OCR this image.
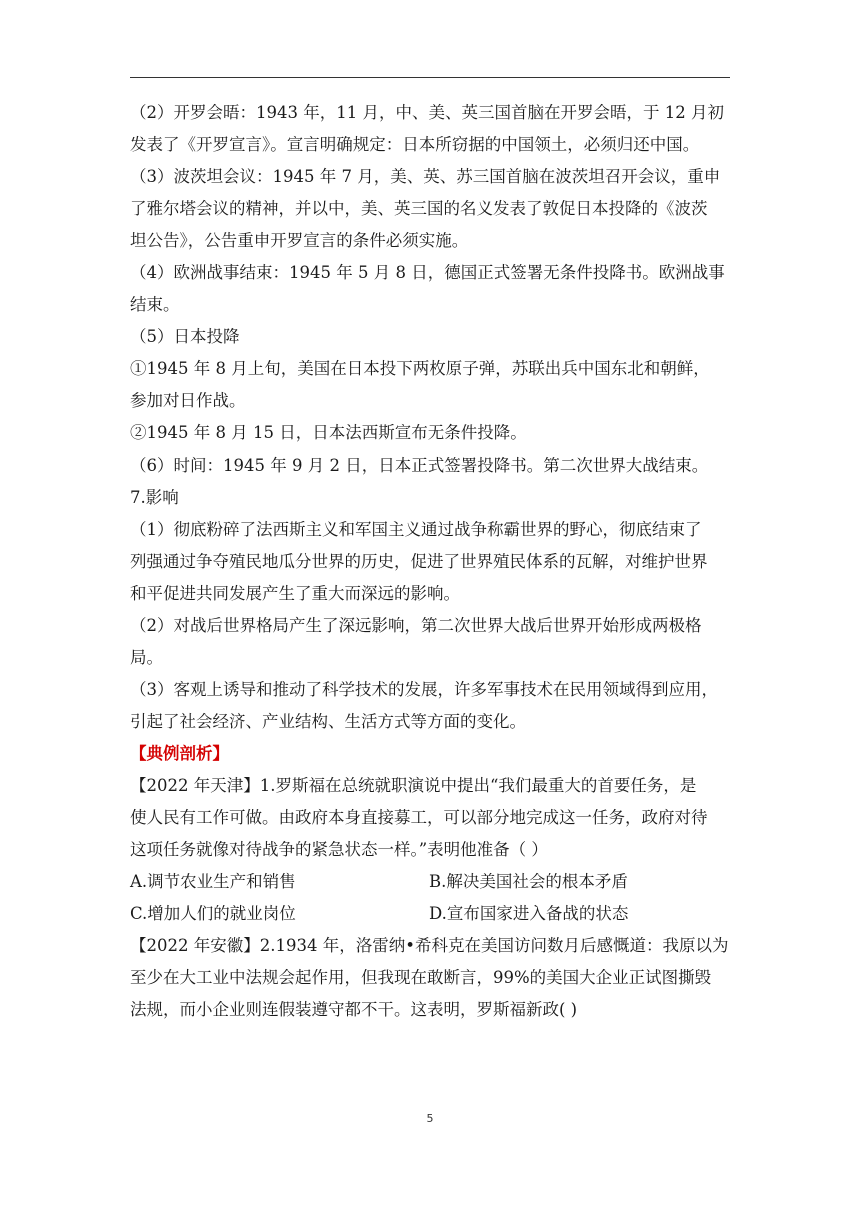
（2）开罗会晤：1943 年，11 月，中、美、英三国首脑在开罗会晤，于 12 月初
发表了《开罗宣言》。宣言明确规定：日本所窃据的中国领土，必须归还中国。
（3）波茨坦会议：1945 年 7 月，美、英、苏三国首脑在波茨坦召开会议，重申
了雅尔塔会议的精神，并以中，美、英三国的名义发表了敦促日本投降的《波茨
坦公告》，公告重申开罗宣言的条件必须实施。
（4）欧洲战事结束：1945 年 5 月 8 日，德国正式签署无条件投降书。欧洲战事
结束。
（5）日本投降
①1945 年 8 月上旬，美国在日本投下两枚原子弹，苏联出兵中国东北和朝鲜，
参加对日作战。
②1945 年 8 月 15 日，日本法西斯宣布无条件投降。
（6）时间：1945 年 9 月 2 日，日本正式签署投降书。第二次世界大战结束。
7.影响
（1）彻底粉碎了法西斯主义和军国主义通过战争称霸世界的野心，彻底结束了
列强通过争夺殖民地瓜分世界的历史，促进了世界殖民体系的瓦解，对维护世界
和平促进共同发展产生了重大而深远的影响。
（2）对战后世界格局产生了深远影响，第二次世界大战后世界开始形成两极格
局。
（3）客观上诱导和推动了科学技术的发展，许多军事技术在民用领域得到应用，
引起了社会经济、产业结构、生活方式等方面的变化。
【典例剖析】
【2022 年天津】1.罗斯福在总统就职演说中提出“我们最重大的首要任务，是
使人民有工作可做。由政府本身直接募工，可以部分地完成这一任务，政府对待
这项任务就像对待战争的紧急状态一样。”表明他准备（ ）
A.调节农业生产和销售	B.解决美国社会的根本矛盾
C.增加人们的就业岗位	D.宣布国家进入备战的状态
【2022 年安徽】2.1934 年，洛雷纳•希科克在美国访问数月后感慨道：我原以为
至少在大工业中法规会起作用，但我现在敢断言，99%的美国大企业正试图撕毁
法规，而小企业则连假装遵守都不干。这表明，罗斯福新政( )
5
